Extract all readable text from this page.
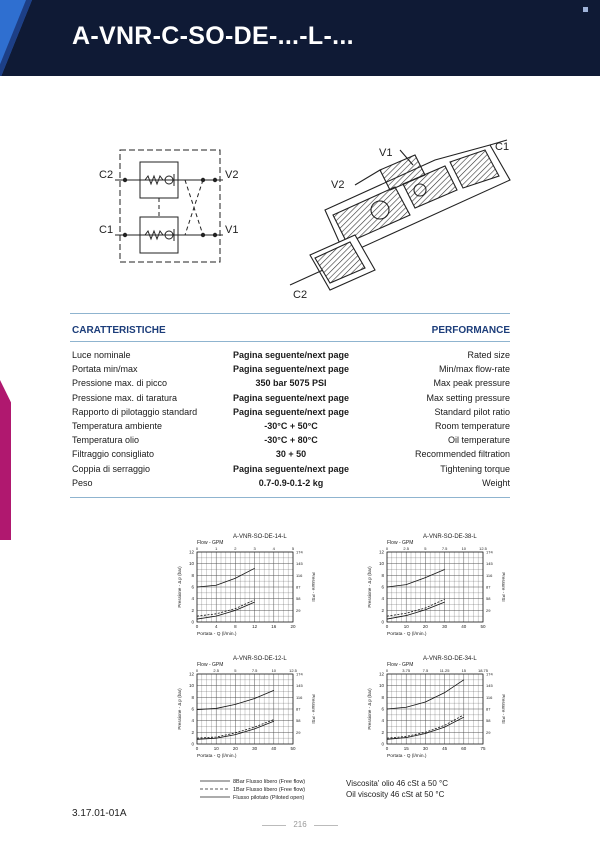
A-VNR-C-SO-DE-...-L-...
C2
C1
V2
V1
V1
V2
C1
C2
CARATTERISTICHE	PERFORMANCE
Luce nominale	Pagina seguente/next page	Rated size
Portata min/max	Pagina seguente/next page	Min/max flow-rate
Pressione max. di picco	350 bar 5075 PSI	Max peak pressure
Pressione max. di taratura	Pagina seguente/next page	Max setting pressure
Rapporto di pilotaggio standard	Pagina seguente/next page	Standard pilot ratio
Temperatura ambiente	-30°C + 50°C	Room temperature
Temperatura olio	-30°C + 80°C	Oil temperature
Filtraggio consigliato	30 + 50	Recommended filtration
Coppia di serraggio	Pagina seguente/next page	Tightening torque
Peso	0.7-0.9-0.1-2 kg	Weight
A-VNR-SO-DE-14-L
Flow - GPM
0
2
4
6
8
10
12
29
58
87
116
145
174
0	4	8	12	16	20
0	1	2	3	4	5
Portata - Q (l/min.)
Pressione - Δ p (bar)	Pressure - PSI
A-VNR-SO-DE-38-L
Flow - GPM
0
2
4
6
8
10
12
29
58
87
116
145
174
0	10	20	30	40	50
0	2.5	5	7.5	10	12.5
Portata - Q (l/min.)
Pressione - Δ p (bar)	Pressure - PSI
A-VNR-SO-DE-12-L
Flow - GPM
0
2
4
6
8
10
12
29
58
87
116
145
174
0	10	20	30	40	50
0	2.5	5	7.5	10	12.5
Portata - Q (l/min.)
Pressione - Δ p (bar)	Pressure - PSI
A-VNR-SO-DE-34-L
Flow - GPM
0
2
4
6
8
10
12
29
58
87
116
145
174
0	15	30	45	60	75
0	3.75	7.5	11.25	15	18.75
Portata - Q (l/min.)
Pressione - Δ p (bar)	Pressure - PSI
8Bar Flusso libero (Free flow)
1Bar Flusso libero (Free flow)
Flusso pilotato (Piloted open)
Viscosita' olio 46 cSt a 50 °C
Oil viscosity 46 cSt at 50 °C
3.17.01-01A
216
